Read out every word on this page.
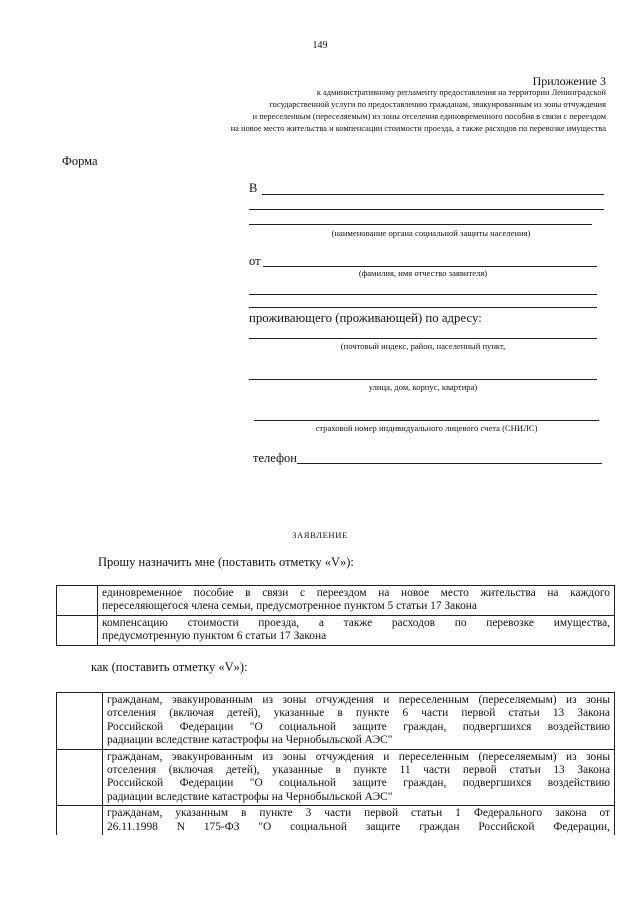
149
Приложение 3
к административному регламенту предоставления на территории Ленинградской
государственной услуги по предоставлению гражданам, эвакуированным из зоны отчуждения
и переселенным (переселяемым) из зоны отселения единовременного пособия в связи с переездом
на новое место жительства и компенсации стоимости проезда, а также расходов по перевозке имущества
Форма
В
(наименование органа социальной защиты населения)
от
(фамилия, имя отчество заявителя)
проживающего (проживающей) по адресу:
(почтовый индекс, район, населенный пункт,
улица, дом, корпус, квартира)
страховой номер индивидуального лицевого счета (СНИЛС)
телефон
ЗАЯВЛЕНИЕ
Прошу назначить мне (поставить отметку «V»):

	единовременное пособие в связи с переездом на новое место жительства на каждого
переселяющегося члена семьи, предусмотренное пунктом 5 статьи 17 Закона

	компенсацию стоимости проезда, а также расходов по перевозке имущества,
предусмотренную пунктом 6 статьи 17 Закона
как (поставить отметку «V»):

	гражданам, эвакуированным из зоны отчуждения и переселенным (переселяемым) из зоны
отселения (включая детей), указанные в пункте 6 части первой статьи 13 Закона
Российской Федерации "О социальной защите граждан, подвергшихся воздействию
радиации вследствие катастрофы на Чернобыльской АЭС"

	гражданам, эвакуированным из зоны отчуждения и переселенным (переселяемым) из зоны
отселения (включая детей), указанные в пункте 11 части первой статьи 13 Закона
Российской Федерации "О социальной защите граждан, подвергшихся воздействию
радиации вследствие катастрофы на Чернобыльской АЭС"

	гражданам, указанным в пункте 3 части первой статьи 1 Федерального закона от
26.11.1998 N 175-ФЗ "О социальной защите граждан Российской Федерации,
